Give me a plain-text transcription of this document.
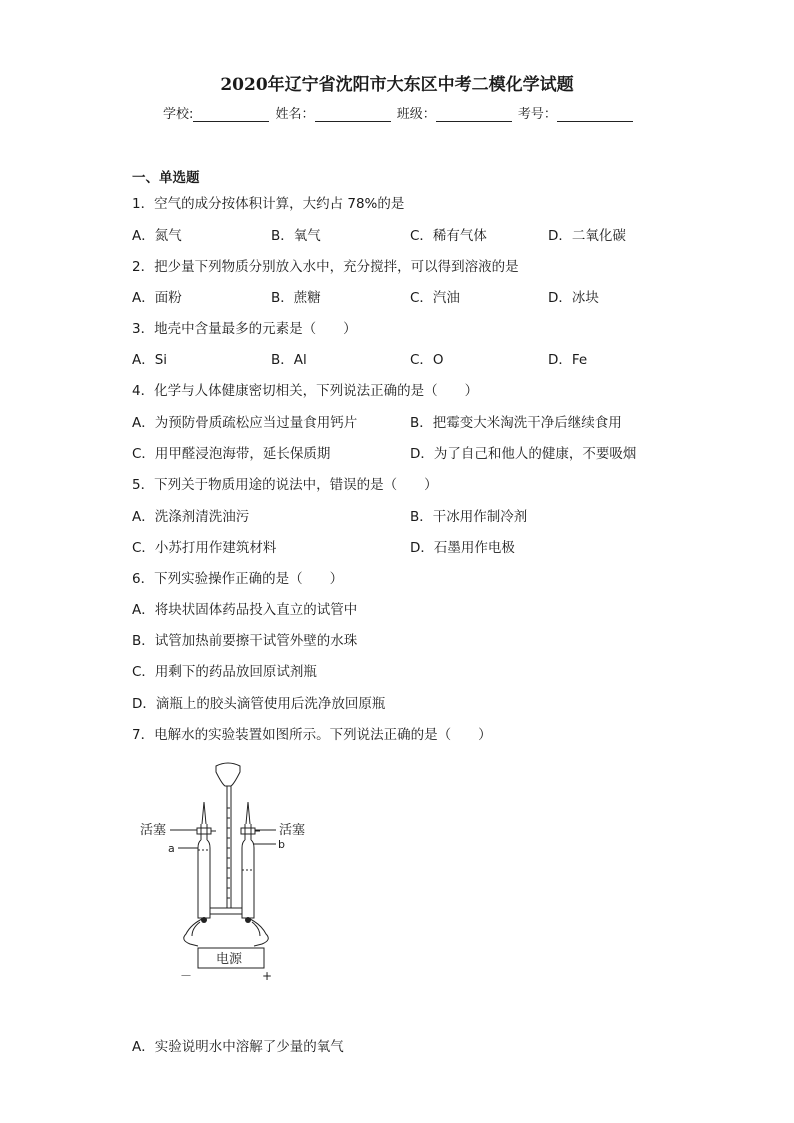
2020年辽宁省沈阳市大东区中考二模化学试题
学校:	姓名：	班级：	考号：
一、单选题
1．空气的成分按体积计算，大约占 78%的是
A．氮气	B．氧气	C．稀有气体	D．二氧化碳
2．把少量下列物质分别放入水中，充分搅拌，可以得到溶液的是
A．面粉	B．蔗糖	C．汽油	D．冰块
3．地壳中含量最多的元素是（　　）
A．Si	B．Al	C．O	D．Fe
4．化学与人体健康密切相关，下列说法正确的是（　　）
A．为预防骨质疏松应当过量食用钙片	B．把霉变大米淘洗干净后继续食用
C．用甲醛浸泡海带，延长保质期	D．为了自己和他人的健康，不要吸烟
5．下列关于物质用途的说法中，错误的是（　　）
A．洗涤剂清洗油污	B．干冰用作制冷剂
C．小苏打用作建筑材料	D．石墨用作电极
6．下列实验操作正确的是（　　）
A．将块状固体药品投入直立的试管中
B．试管加热前要擦干试管外壁的水珠
C．用剩下的药品放回原试剂瓶
D．滴瓶上的胶头滴管使用后洗净放回原瓶
7．电解水的实验装置如图所示。下列说法正确的是（　　）
活塞
a
活塞
b
电源
－	+
A．实验说明水中溶解了少量的氧气
